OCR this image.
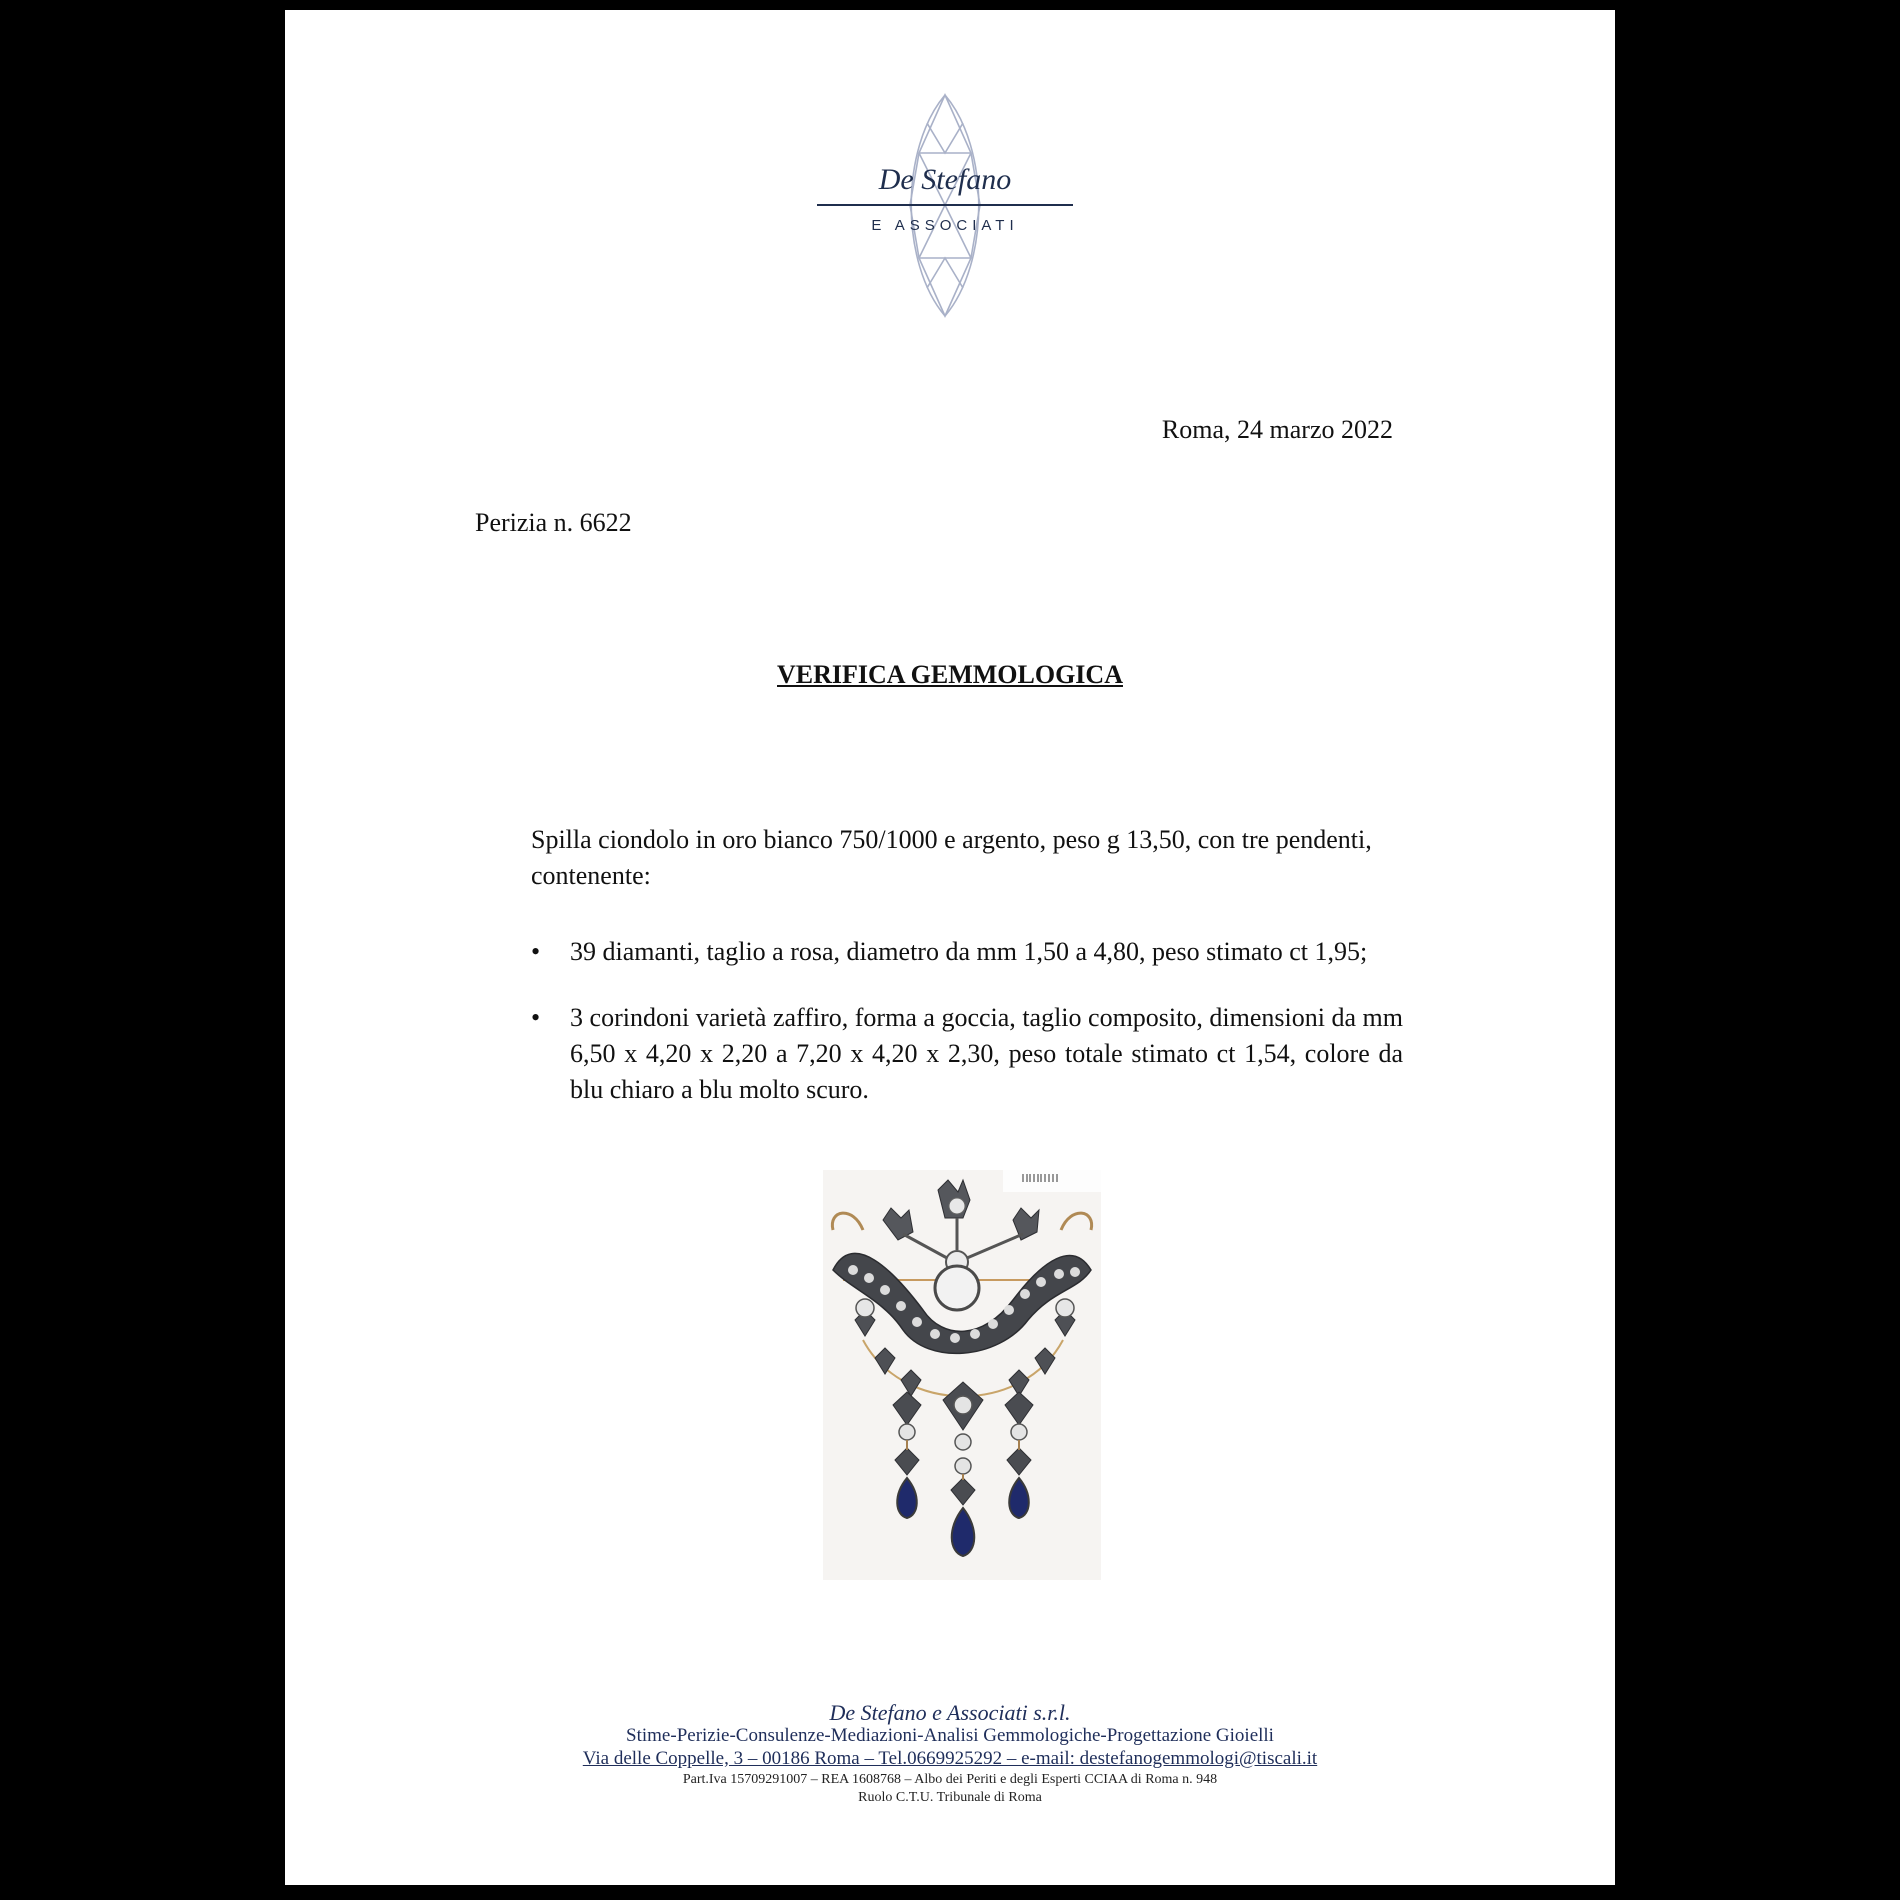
De Stefano
E ASSOCIATI
Roma, 24 marzo 2022
Perizia n. 6622
VERIFICA GEMMOLOGICA
Spilla ciondolo in oro bianco 750/1000 e argento, peso g 13,50, con tre pendenti, contenente:
• 39 diamanti, taglio a rosa, diametro da mm 1,50 a 4,80, peso stimato ct 1,95;
• 3 corindoni varietà zaffiro, forma a goccia, taglio composito, dimensioni da mm 6,50 x 4,20 x 2,20 a 7,20 x 4,20 x 2,30, peso totale stimato ct 1,54, colore da blu chiaro a blu molto scuro.
De Stefano e Associati s.r.l.
Stime-Perizie-Consulenze-Mediazioni-Analisi Gemmologiche-Progettazione Gioielli
Via delle Coppelle, 3 – 00186 Roma – Tel.0669925292 – e-mail: destefanogemmologi@tiscali.it
Part.Iva 15709291007 – REA 1608768 – Albo dei Periti e degli Esperti CCIAA di Roma n. 948
Ruolo C.T.U. Tribunale di Roma
